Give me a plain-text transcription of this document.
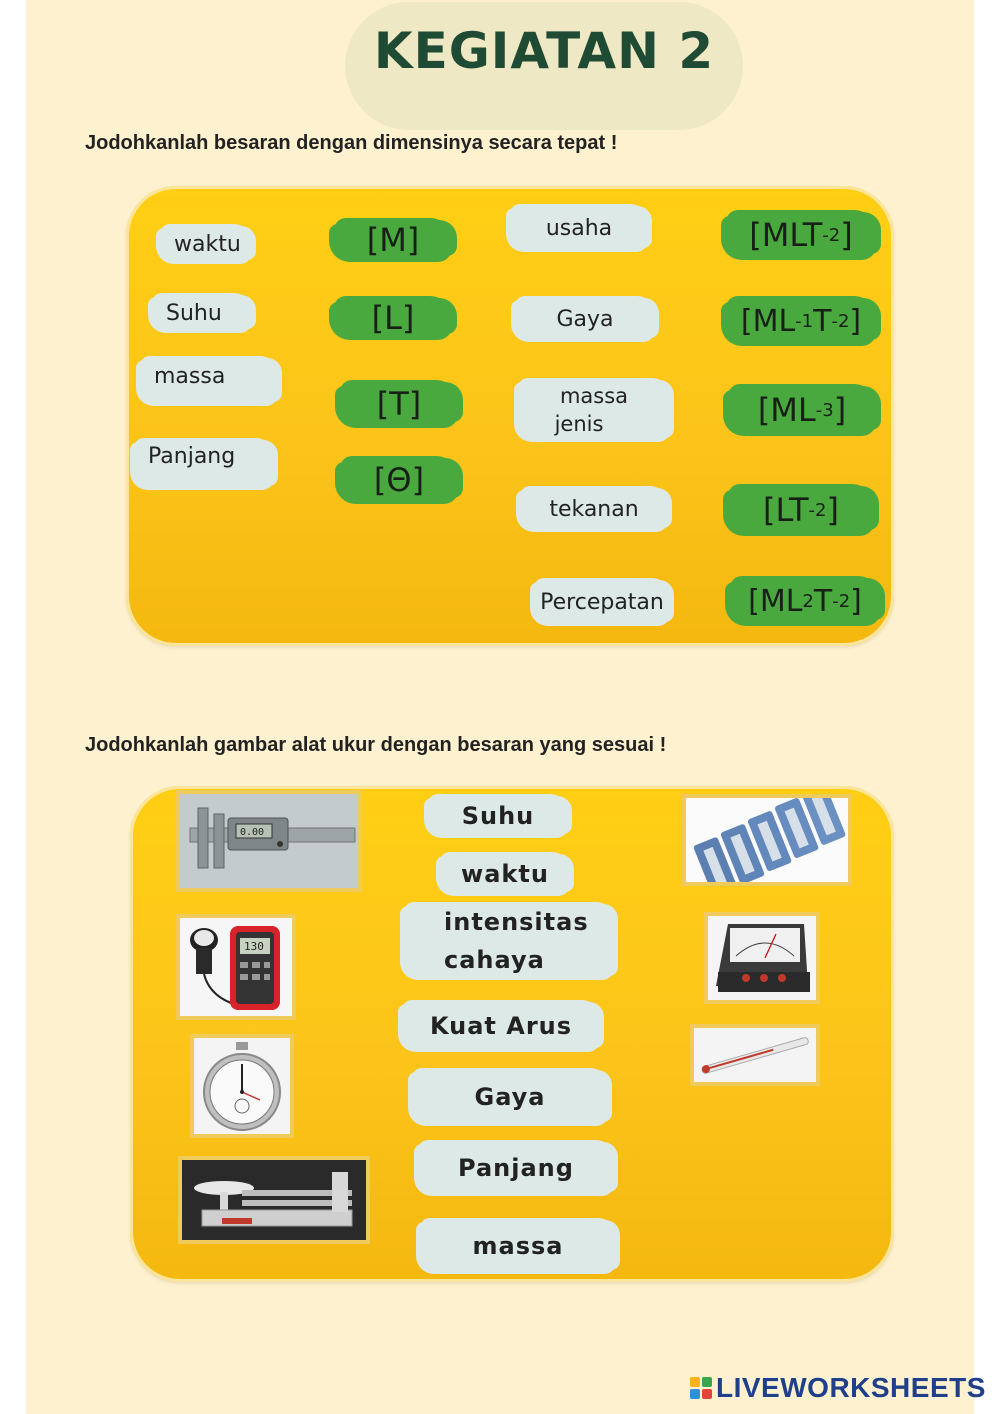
KEGIATAN 2
Jodohkanlah besaran dengan dimensinya secara tepat !
waktu
Suhu
massa
Panjang
[M]
[L]
[T]
[Θ]
usaha
Gaya
massa
jenis
tekanan
Percepatan
[MLT -2 ]
[ML -1 T -2 ]
[ML -3 ]
[LT -2 ]
[ML 2 T -2 ]
Jodohkanlah gambar alat ukur dengan besaran yang sesuai !
Suhu
waktu
intensitas
cahaya
Kuat Arus
Gaya
Panjang
massa
0.00
130
LIVEWORKSHEETS
